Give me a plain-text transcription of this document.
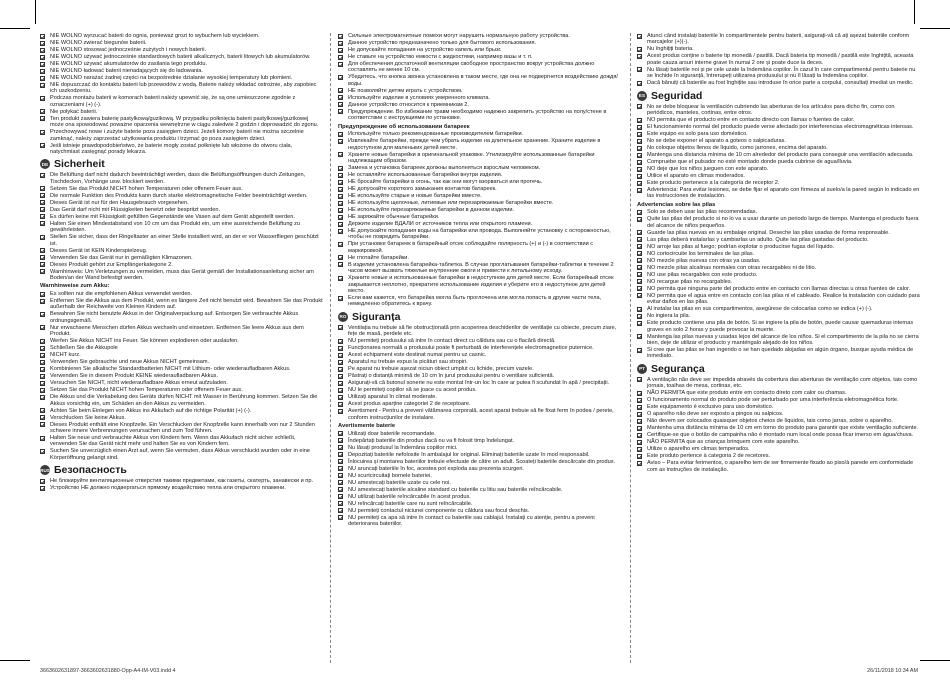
NIE WOLNO wyrzucać baterii do ognia, ponieważ grozi to wybuchem lub wyciekiem.
NIE WOLNO zwierać biegunów baterii.
NIE WOLNO stosować jednocześnie zużytych i nowych baterii.
NIE WOLNO używać jednocześnie standardowych baterii alkalicznych, baterii litowych lub akumulatorów.
NIE WOLNO używać akumulatorów do zasilania tego produktu.
NIE WOLNO ładować baterii nienadających się do ładowania.
NIE WOLNO narażać żadnej części na bezpośrednie działanie wysokiej temperatury lub płomieni.
NIE dopuszczać do kontaktu baterii lub przewodów z wodą. Baterie należy wkładać ostrożnie, aby zapobiec ich uszkodzeniu.
Podczas montażu baterii w komorach baterii należy upewnić się, że są one umieszczone zgodnie z oznaczeniami (+) (-).
Nie połykać baterii.
Ten produkt zawiera baterię pastylkową/guzikową. W przypadku połknięcia baterii pastylkowej/guzikowej może ona spowodować poważne oparzenia wewnętrzne w ciągu zaledwie 2 godzin i doprowadzić do zgonu.
Przechowywać nowe i zużyte baterie poza zasięgiem dzieci. Jeżeli komory baterii nie można szczelnie zamknąć, należy zaprzestać użytkowania produktu i trzymać go poza zasięgiem dzieci.
Jeśli istnieje prawdopodobieństwo, że baterie mogły zostać połknięte lub włożone do otworu ciała, natychmiast zasięgnąć porady lekarza.
DE Sicherheit
Die Belüftung darf nicht dadurch beeinträchtigt werden, dass die Belüftungsöffnungen durch Zeitungen, Tischdecken, Vorhänge usw. blockiert werden.
Setzen Sie das Produkt NICHT hohen Temperaturen oder offenem Feuer aus.
Die normale Funktion des Produkts kann durch starke elektromagnetische Felder beeinträchtigt werden.
Dieses Gerät ist nur für den Hausgebrauch vorgesehen.
Das Gerät darf nicht mit Flüssigkeiten benetzt oder bespritzt werden.
Es dürfen keine mit Flüssigkeit gefüllten Gegenstände wie Vasen auf dem Gerät abgestellt werden.
Halten Sie einen Mindestabstand von 10 cm um das Produkt ein, um eine ausreichende Belüftung zu gewährleisten.
Stellen Sie sicher, dass der Ringeltaster an einer Stelle installiert wird, an der er vor Wasserfliegen geschützt ist.
Dieses Gerät ist KEIN Kinderspielzeug.
Verwenden Sie das Gerät nur in gemäßigten Klimazonen.
Dieses Produkt gehört zur Empfängerkategorie 2.
Warnhinweis: Um Verletzungen zu vermeiden, muss das Gerät gemäß der Installationsanleitung sicher am Boden/an der Wand befestigt werden.
Warnhinweise zum Akku:
Es sollten nur die empfohlenen Akkus verwendet werden.
Entfernen Sie die Akkus aus dem Produkt, wenn es längere Zeit nicht benutzt wird. Bewahren Sie das Produkt außerhalb der Reichweite von Kleinen Kindern auf.
Bewahren Sie nicht benutzte Akkus in der Originalverpackung auf. Entsorgen Sie verbrauchte Akkus ordnungsgemäß.
Nur erwachsene Menschen dürfen Akkus wechseln und einsetzen. Entfernen Sie leere Akkus aus dem Produkt.
Werfen Sie Akkus NICHT ins Feuer. Sie können explodieren oder auslaufen.
Schließen Sie die Akkupole
NICHT kurz.
Verwenden Sie gebrauchte und neue Akkus NICHT gemeinsam.
Kombinieren Sie alkalische Standardbatterien NICHT mit Lithium- oder wiederaufladbaren Akkus.
Verwenden Sie in diesem Produkt KEINE wiederaufladbaren Akkus.
Versuchen Sie NICHT, nicht wiederaufladbare Akkus erneut aufzuladen.
Setzen Sie das Produkt NICHT hohen Temperaturen oder offenem Feuer aus.
Die Akkus und die Verkabelung des Geräts dürfen NICHT mit Wasser in Berührung kommen. Setzen Sie die Akkus vorsichtig ein, um Schäden an den Akkus zu vermeiden.
Achten Sie beim Einlegen von Akkus ins Akkufach auf die richtige Polarität (+) (-).
Verschlucken Sie keine Akkus.
Dieses Produkt enthält eine Knopfzelle. Ein Verschlucken der Knopfzelle kann innerhalb von nur 2 Stunden schwere innere Verbrennungen verursachen und zum Tod führen.
Halten Sie neue und verbrauchte Akkus von Kindern fern. Wenn das Akkufach nicht sicher schließt, verwenden Sie das Gerät nicht mehr und halten Sie es von Kindern fern.
Suchen Sie unverzüglich einen Arzt auf, wenn Sie vermuten, dass Akkus verschluckt wurden oder in eine Körperöffnung gelangt sind.
RUS Безопасность
Не блокируйте вентиляционные отверстия такими предметами, как газеты, скатерть, занавески и пр.
Устройство НЕ должно подвергаться прямому воздействию тепла или открытого пламени.
Сильные электромагнитные помехи могут нарушить нормальную работу устройства.
Данное устройство предназначено только для бытового использования.
Не допускайте попадания на устройство капель или брызг.
Не ставьте на устройство емкости с жидкостями, например вазы и т. п.
Для обеспечения достаточной вентиляции свободное пространство вокруг устройства должно составлять не менее 10 см.
Убедитесь, что кнопка звонка установлена в таком месте, где она не подвергнется воздействию дождя/воды.
НЕ позволяйте детям играть с устройством.
Используйте изделие в условиях умеренного климата.
Данное устройство относится к приемникам 2.
Предупреждение. Во избежание травм необходимо надежно закрепить устройство на полу/стене в соответствии с инструкциями по установке.
Предупреждение об использовании батареек
Используйте только рекомендованные производителем батарейки.
Извлекайте батарейки, прежде чем убрать изделие на длительное хранение. Храните изделие в недоступном для маленьких детей месте.
Храните новые батарейки в оригинальной упаковке. Утилизируйте использованные батарейки надлежащим образом.
Замена и установка батареек должны выполняться взрослым человеком.
Не оставляйте использованные батарейки внутри изделия.
НЕ бросайте батарейки в огонь, так как они могут взорваться или протечь.
НЕ допускайте короткого замыкания контактов батареек.
НЕ используйте старые и новые батарейки вместе.
НЕ используйте щелочные, литиевые или перезаряжаемые батарейки вместе.
НЕ используйте перезаряжаемые батарейки в данном изделии.
НЕ заряжайте обычные батарейки.
Держите изделие ВДАЛИ от источников тепла или открытого пламени.
НЕ допускайте попадания воды на батарейки или провода. Выполняйте установку с осторожностью, чтобы не повредить батарейки.
При установке батареек в батарейный отсек соблюдайте полярность (+) и (-) в соответствии с маркировкой.
Не глотайте батарейки.
В изделии установлена батарейка-таблетка. В случае проглатывания батарейки-таблетки в течение 2 часов может вызвать тяжелые внутренние ожоги и привести к летальному исходу.
Храните новые и использованные батарейки в недоступном для детей месте. Если батарейный отсек закрывается неплотно, прекратите использование изделия и уберите его в недоступное для детей место.
Если вам кажется, что батарейка могла быть проглочена или могла попасть в другие части тела, немедленно обратитесь к врачу.
RO Siguranța
Ventilația nu trebuie să fie obstrucționată prin acoperirea deschiderilor de ventilație cu obiecte, precum ziare, fețe de masă, perdele etc.
NU permiteți produsului să intre în contact direct cu căldura sau cu o flacără directă.
Funcționarea normală a produsului poate fi perturbată de interferențele electromagnetice puternice.
Acest echipament este destinat numai pentru uz casnic.
Aparatul nu trebuie expus la picături sau stropiri.
Pe aparat nu trebuie așezat niciun obiect umplut cu lichide, precum vazele.
Păstrați o distanță minimă de 10 cm în jurul produsului pentru o ventilare suficientă.
Asigurați-vă că butonul sonerie nu este montat într-un loc în care ar putea fi scufundat în apă / precipitații.
NU le permiteți copiilor să se joace cu acest produs.
Utilizați aparatul în climat moderate.
Acest produs aparține categoriei 2 de receptoare.
Avertisment - Pentru a preveni vătămarea corporală, acest aparat trebuie să fie fixat ferm în podea / perete, conform instrucțiunilor de instalare.
Avertismente baterie
Utilizați doar bateriile recomandate.
Îndepărtați bateriile din produs dacă nu va fi folosit timp îndelungat.
Nu lăsați produsul la îndemâna copiilor mici.
Depozitați bateriile nefolosite în ambalajul lor original. Eliminați bateriile uzate în mod responsabil.
Înlocuirea și montarea bateriilor trebuie efectuate de către un adult. Scoateți bateriile descărcate din produs.
NU aruncați bateriile în foc, acestea pot exploda sau prezenta scurgeri.
NU scurtcircuitați bornele bateriei.
NU amestecați bateriile uzate cu cele noi.
NU amestecați bateriile alcaline standard cu bateriile cu litiu sau bateriile reîncărcabile.
NU utilizați bateriile reîncărcabile în acest produs.
NU reîncărcați bateriile care nu sunt reîncărcabile.
NU permiteți contactul niciunei componente cu căldura sau focul deschis.
NU permiteți ca apa să intre în contact cu bateriile sau cablajul. Instalați cu atenție, pentru a preveni deteriorarea bateriilor.
Atunci când instalați bateriile în compartimentele pentru baterii, asigurați-vă că ați așezat bateriile conform marcajelor (+)(-).
Nu înghițiți bateria.
Acest produs conține o baterie tip monedă / pastilă. Dacă bateria tip monedă / pastilă este înghițită, aceasta poate cauza arsuri interne grave în numai 2 ore și poate duce la deces.
Nu lăsați bateriile noi și pe cele uzate la îndemâna copiilor. În cazul în care compartimentul pentru baterie nu se închide în siguranță, întrerupeți utilizarea produsului și nu îl lăsați la îndemâna copiilor.
Dacă bănuiți că bateriile au fost înghițite sau introduse în orice parte a corpului, consultați imediat un medic.
ES Seguridad
No se debe bloquear la ventilación cubriendo las aberturas de los artículos para dicho fin, como con periódicos, manteles, cortinas, entre otros.
NO permita que el producto entre en contacto directo con llamas o fuentes de calor.
El funcionamiento normal del producto puede verse afectado por interferencias electromagnéticas intensas.
Este equipo es solo para uso doméstico.
No se debe exponer el aparato a goteos o salpicaduras.
No coloque objetos llenos de líquido, como jarrones, encima del aparato.
Mantenga una distancia mínima de 10 cm alrededor del producto para conseguir una ventilación adecuada.
Compruebe que el pulsador no esté montado donde pueda cubrirse de agua/lluvia.
NO deje que los niños jueguen con este aparato.
Utilice el aparato en climas moderados.
Este producto pertenece a la categoría de receptor 2.
Advertencia: Para evitar lesiones, se debe fijar el aparato con firmeza al suelo/a la pared según lo indicado en las instrucciones de instalación.
Advertencias sobre las pilas
Solo se deben usar las pilas recomendadas.
Quite las pilas del producto si no lo va a usar durante un periodo largo de tiempo. Mantenga el producto fuera del alcance de niños pequeños.
Guarde las pilas nuevas en su embalaje original. Deseche las pilas usadas de forma responsable.
Las pilas deberá instalarlas y cambiarlas un adulto. Quite las pilas gastadas del producto.
NO arroje las pilas al fuego; podrían explotar o producirse fugas del líquido.
NO cortocircuite los terminales de las pilas.
NO mezcle pilas nuevas con otras ya usadas.
NO mezcle pilas alcalinas normales con otras recargables ni de litio.
NO use pilas recargables con este producto.
NO recargue pilas no recargables.
NO permita que ninguna parte del producto entre en contacto con llamas directas u otras fuentes de calor.
NO permita que el agua entre en contacto con las pilas ni el cableado. Realice la instalación con cuidado para evitar daños en las pilas.
Al instalar las pilas en sus compartimentos, asegúrese de colocarlas como se indica (+) (-).
No ingiera la pila.
Este producto contiene una pila de botón. Si se ingiere la pila de botón, puede causar quemaduras internas graves en solo 2 horas y puede provocar la muerte.
Mantenga las pilas nuevas y usadas lejos del alcance de los niños. Si el compartimento de la pila no se cierra bien, deje de utilizar el producto y manténgalo alejado de los niños.
Si cree que las pilas se han ingerido o se han quedado alojadas en algún órgano, busque ayuda médica de inmediato.
PT Segurança
A ventilação não deve ser impedida através da cobertura das aberturas de ventilação com objetos, tais como jornais, toalhas de mesa, cortinas, etc.
NÃO PERMITA que este produto entre em contacto direto com calor ou chamas.
O funcionamento normal do produto pode ser perturbado por uma interferência eletromagnética forte.
Este equipamento é exclusivo para uso doméstico.
O aparelho não deve ser exposto a pingos ou salpicos.
Não devem ser colocados quaisquer objetos cheios de líquidos, tais como jarras, sobre o aparelho.
Mantenha uma distância mínima de 10 cm em torno do produto para garantir que existe ventilação suficiente.
Certifique-se que o botão de campainha não é montado num local onde possa ficar imerso em água/chuva.
NÃO PERMITA que as crianças brinquem com este aparelho.
Utilize o aparelho em climas temperados.
Este produto pertence à categoria 2 de recetores.
Aviso – Para evitar ferimentos, o aparelho tem de ser firmemente fixado ao piso/à parede em conformidade com as instruções de instalação.
3663602631897-3663602631880-Opp-A4-IM-V03.indd 4	26/11/2018 10:34 AM
